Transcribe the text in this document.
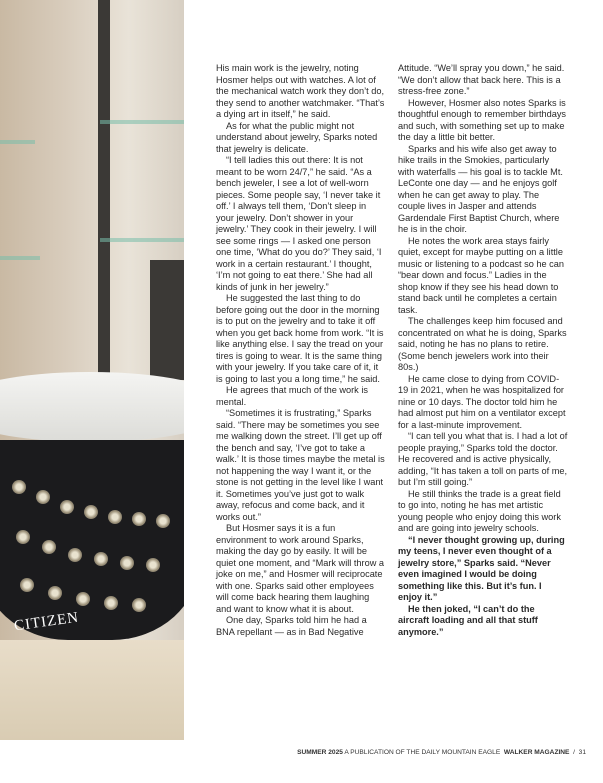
CITIZEN

His main work is the jewelry, noting Hosmer helps out with watches. A lot of the mechanical watch work they don’t do, they send to another watchmaker. “That’s a dying art in itself,” he said.

As for what the public might not understand about jewelry, Sparks noted that jewelry is delicate.

“I tell ladies this out there: It is not meant to be worn 24/7,” he said. “As a bench jeweler, I see a lot of well-worn pieces. Some people say, ‘I never take it off.’ I always tell them, ‘Don’t sleep in your jewelry. Don’t shower in your jewelry.’ They cook in their jewelry. I will see some rings — I asked one person one time, ‘What do you do?’ They said, ‘I work in a certain restaurant.’ I thought, ‘I’m not going to eat there.’ She had all kinds of junk in her jewelry.”

He suggested the last thing to do before going out the door in the morning is to put on the jewelry and to take it off when you get back home from work. “It is like anything else. I say the tread on your tires is going to wear. It is the same thing with your jewelry. If you take care of it, it is going to last you a long time,” he said.

He agrees that much of the work is mental.

“Sometimes it is frustrating,” Sparks said. “There may be sometimes you see me walking down the street. I’ll get up off the bench and say, ‘I’ve got to take a walk.’ It is those times maybe the metal is not happening the way I want it, or the stone is not getting in the level like I want it. Sometimes you’ve just got to walk away, refocus and come back, and it works out.”

But Hosmer says it is a fun environment to work around Sparks, making the day go by easily. It will be quiet one moment, and “Mark will throw a joke on me,” and Hosmer will reciprocate with one. Sparks said other employees will come back hearing them laughing and want to know what it is about.

One day, Sparks told him he had a BNA repellant — as in Bad Negative

Attitude. “We’ll spray you down,” he said. “We don’t allow that back here. This is a stress-free zone.”

However, Hosmer also notes Sparks is thoughtful enough to remember birthdays and such, with something set up to make the day a little bit better.

Sparks and his wife also get away to hike trails in the Smokies, particularly with waterfalls — his goal is to tackle Mt. LeConte one day — and he enjoys golf when he can get away to play. The couple lives in Jasper and attends Gardendale First Baptist Church, where he is in the choir.

He notes the work area stays fairly quiet, except for maybe putting on a little music or listening to a podcast so he can “bear down and focus.” Ladies in the shop know if they see his head down to stand back until he completes a certain task.

The challenges keep him focused and concentrated on what he is doing, Sparks said, noting he has no plans to retire. (Some bench jewelers work into their 80s.)

He came close to dying from COVID-19 in 2021, when he was hospitalized for nine or 10 days. The doctor told him he had almost put him on a ventilator except for a last-minute improvement.

“I can tell you what that is. I had a lot of people praying,” Sparks told the doctor. He recovered and is active physically, adding, “It has taken a toll on parts of me, but I’m still going.”

He still thinks the trade is a great field to go into, noting he has met artistic young people who enjoy doing this work and are going into jewelry schools.

“I never thought growing up, during my teens, I never even thought of a jewelry store,” Sparks said. “Never even imagined I would be doing something like this. But it’s fun. I enjoy it.”

He then joked, “I can’t do the aircraft loading and all that stuff anymore.”

SUMMER 2025 A PUBLICATION OF THE DAILY MOUNTAIN EAGLE WALKER MAGAZINE / 31
